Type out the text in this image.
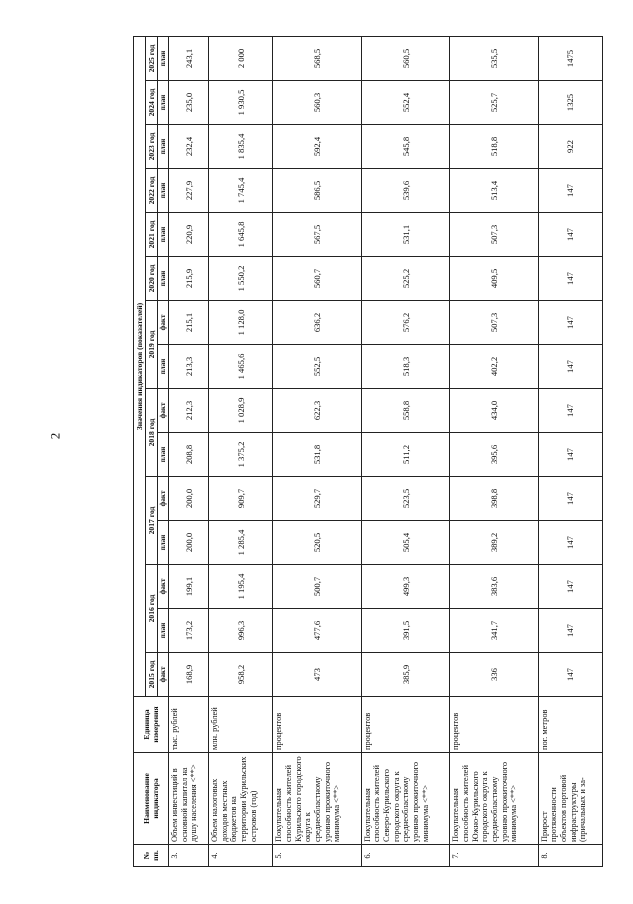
2
№ пп.	Наименование индикатора	Единица измерения	Значения индикаторов (показателей)														
			2015 год	2016 год		2017 год		2018 год		2019 год		2020 год	2021 год	2022 год	2023 год	2024 год	2025 год
			факт	план	факт	план	факт	план	факт	план	факт	план	план	план	план	план	план
3.	Объем инвестиций в основной капитал на душу населения <**>	тыс. рублей	168,9	173,2	199,1	200,0	200,0	208,8	212,3	213,3	215,1	215,9	220,9	227,9	232,4	235,0	243,1
4.	Объем налоговых доходов местных бюджетов на территории Курильских островов (год)	млн. рублей	958,2	996,3	1 195,4	1 285,4	909,7	1 375,2	1 028,9	1 465,6	1 128,0	1 550,2	1 645,8	1 745,4	1 835,4	1 930,5	2 000
5.	Покупательная способность жителей Курильского городского округа к среднеобластному уровню прожиточного минимума <**>	процентов	473	477,6	500,7	520,5	529,7	531,8	622,3	552,5	636,2	560,7	567,5	586,5	592,4	560,3	568,5
6.	Покупательная способность жителей Северо-Курильского городского округа к среднеобластному уровню прожиточного минимума <**>	процентов	385,9	391,5	499,3	505,4	523,5	511,2	558,8	518,3	576,2	525,2	531,1	539,6	545,8	552,4	560,5
7.	Покупательная способность жителей Южно-Курильского городского округа к среднеобластному уровню прожиточного минимума <**>	процентов	336	341,7	383,6	389,2	398,8	395,6	434,0	402,2	507,3	409,5	507,3	513,4	518,8	525,7	535,5
8.	Прирост протяженности объектов портовой инфраструктуры (причальных и за-	пог. метров	147	147	147	147	147	147	147	147	147	147	147	147	922	1325	1475
